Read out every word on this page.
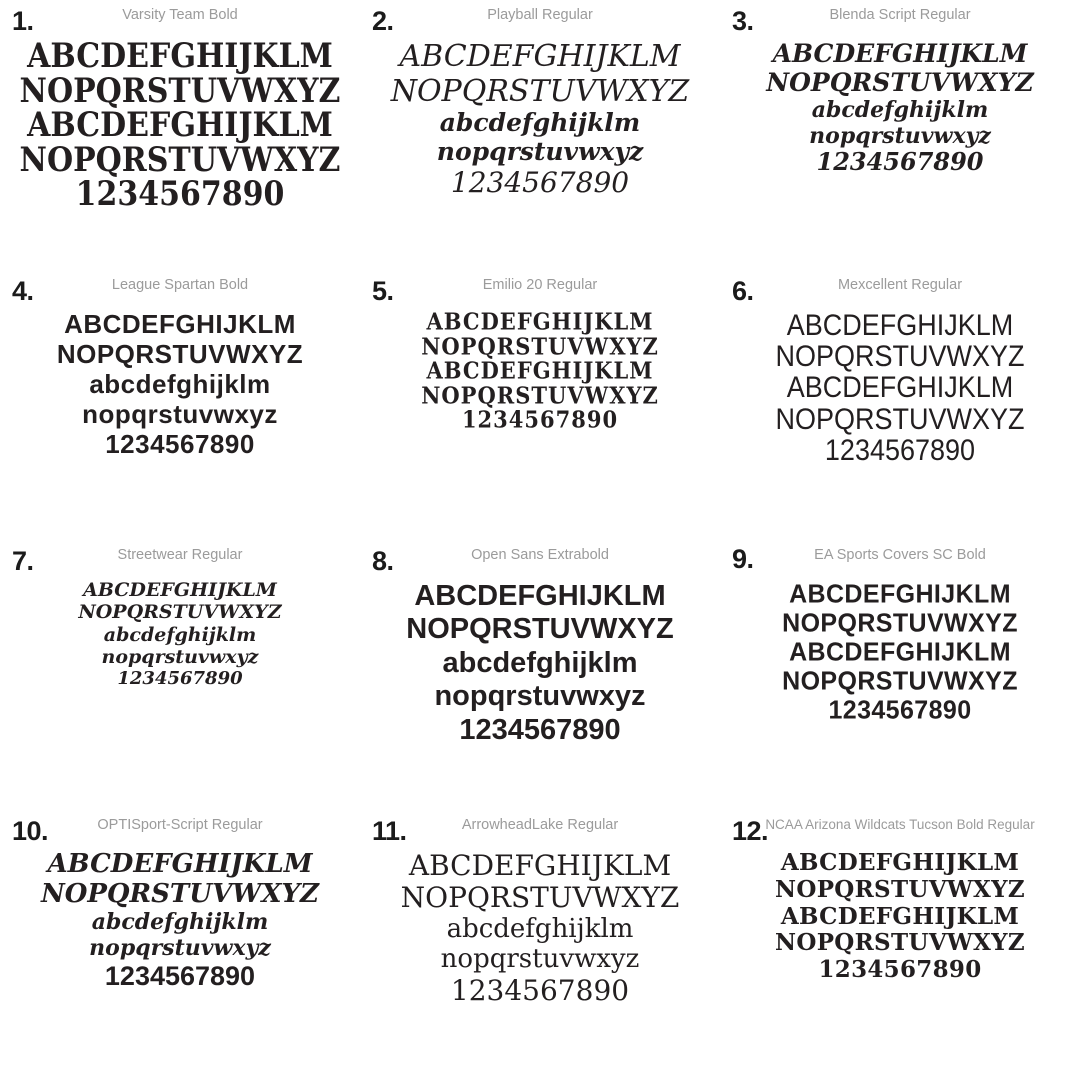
1.	Varsity Team Bold
ABCDEFGHIJKLM
NOPQRSTUVWXYZ
ABCDEFGHIJKLM
NOPQRSTUVWXYZ
1234567890
2.	Playball Regular
ABCDEFGHIJKLM
NOPQRSTUVWXYZ
abcdefghijklm
nopqrstuvwxyz
1234567890
3.	Blenda Script Regular
ABCDEFGHIJKLM
NOPQRSTUVWXYZ
abcdefghijklm
nopqrstuvwxyz
1234567890
4.	League Spartan Bold
ABCDEFGHIJKLM
NOPQRSTUVWXYZ
abcdefghijklm
nopqrstuvwxyz
1234567890
5.	Emilio 20 Regular
ABCDEFGHIJKLM
NOPQRSTUVWXYZ
ABCDEFGHIJKLM
NOPQRSTUVWXYZ
1234567890
6.	Mexcellent Regular
ABCDEFGHIJKLM
NOPQRSTUVWXYZ
ABCDEFGHIJKLM
NOPQRSTUVWXYZ
1234567890
7.	Streetwear Regular
ABCDEFGHIJKLM
NOPQRSTUVWXYZ
abcdefghijklm
nopqrstuvwxyz
1234567890
8.	Open Sans Extrabold
ABCDEFGHIJKLM
NOPQRSTUVWXYZ
abcdefghijklm
nopqrstuvwxyz
1234567890
9.	EA Sports Covers SC Bold
ABCDEFGHIJKLM
NOPQRSTUVWXYZ
ABCDEFGHIJKLM
NOPQRSTUVWXYZ
1234567890
10.	OPTISport-Script Regular
ABCDEFGHIJKLM
NOPQRSTUVWXYZ
abcdefghijklm
nopqrstuvwxyz
1234567890
11.	ArrowheadLake Regular
ABCDEFGHIJKLM
NOPQRSTUVWXYZ
abcdefghijklm
nopqrstuvwxyz
1234567890
12.
NCAA Arizona Wildcats Tucson Bold Regular
ABCDEFGHIJKLM
NOPQRSTUVWXYZ
ABCDEFGHIJKLM
NOPQRSTUVWXYZ
1234567890
